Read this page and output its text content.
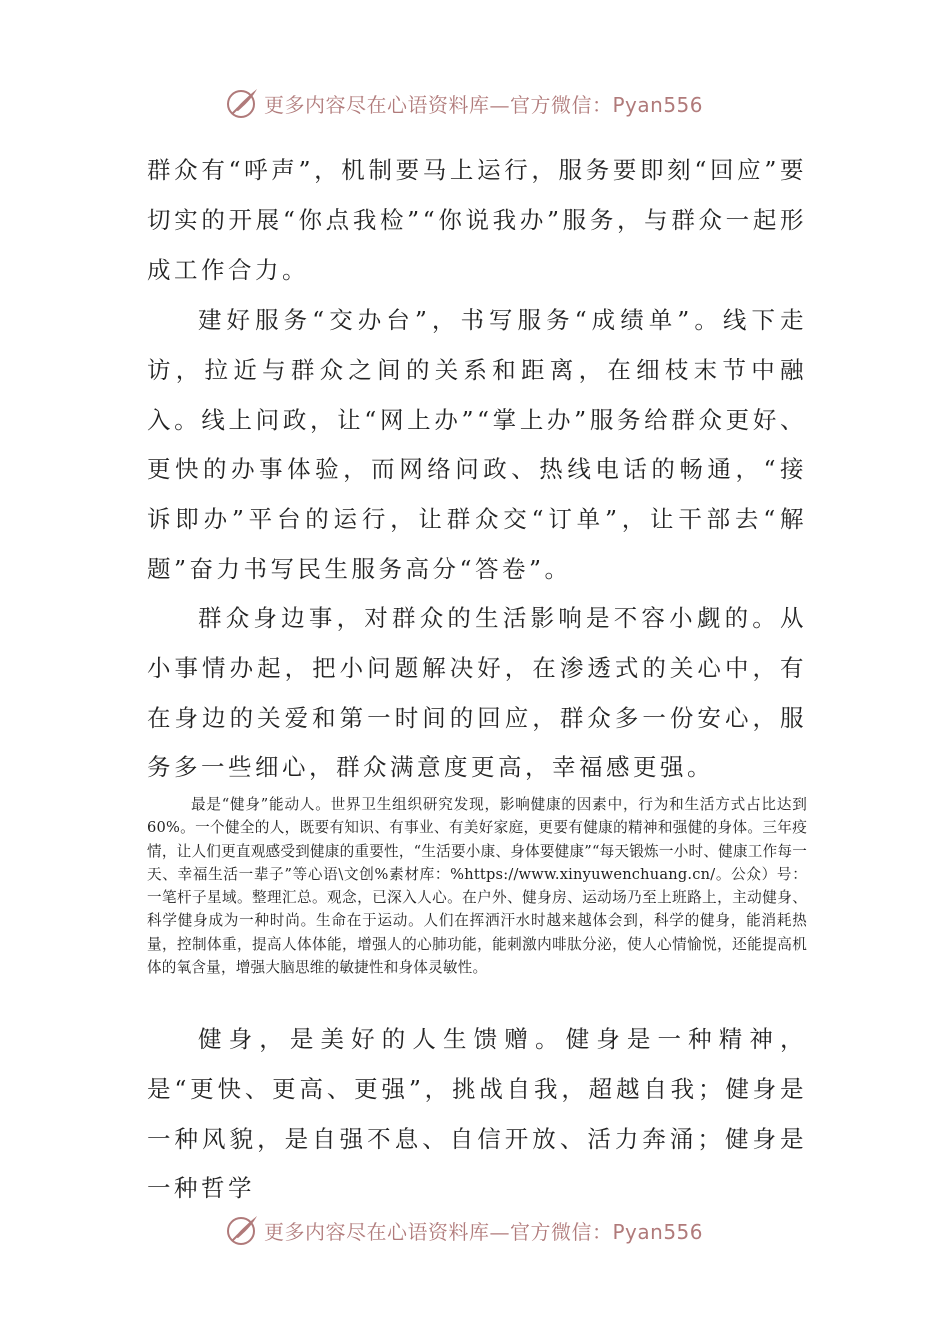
更多内容尽在心语资料库—官方微信：Pyan556

群众有“呼声”，机制要马上运行，服务要即刻“回应”要切实的开展“你点我检”“你说我办”服务，与群众一起形成工作合力。

建好服务“交办台”，书写服务“成绩单”。线下走访，拉近与群众之间的关系和距离，在细枝末节中融入。线上问政，让“网上办”“掌上办”服务给群众更好、更快的办事体验，而网络问政、热线电话的畅通，“接诉即办”平台的运行，让群众交“订单”，让干部去“解题”奋力书写民生服务高分“答卷”。

群众身边事，对群众的生活影响是不容小觑的。从小事情办起，把小问题解决好，在渗透式的关心中，有在身边的关爱和第一时间的回应，群众多一份安心，服务多一些细心，群众满意度更高，幸福感更强。

最是“健身”能动人。世界卫生组织研究发现，影响健康的因素中，行为和生活方式占比达到60%。一个健全的人，既要有知识、有事业、有美好家庭，更要有健康的精神和强健的身体。三年疫情，让人们更直观感受到健康的重要性，“生活要小康、身体要健康”“每天锻炼一小时、健康工作每一天、幸福生活一辈子”等心语\文创%素材库：%https://www.xinyuwenchuang.cn/。公众）号：一笔杆子星域。整理汇总。观念，已深入人心。在户外、健身房、运动场乃至上班路上，主动健身、科学健身成为一种时尚。生命在于运动。人们在挥洒汗水时越来越体会到，科学的健身，能消耗热量，控制体重，提高人体体能，增强人的心肺功能，能刺激内啡肽分泌，使人心情愉悦，还能提高机体的氧含量，增强大脑思维的敏捷性和身体灵敏性。

健身，是美好的人生馈赠。健身是一种精神，是“更快、更高、更强”，挑战自我，超越自我；健身是一种风貌，是自强不息、自信开放、活力奔涌；健身是一种哲学

更多内容尽在心语资料库—官方微信：Pyan556
